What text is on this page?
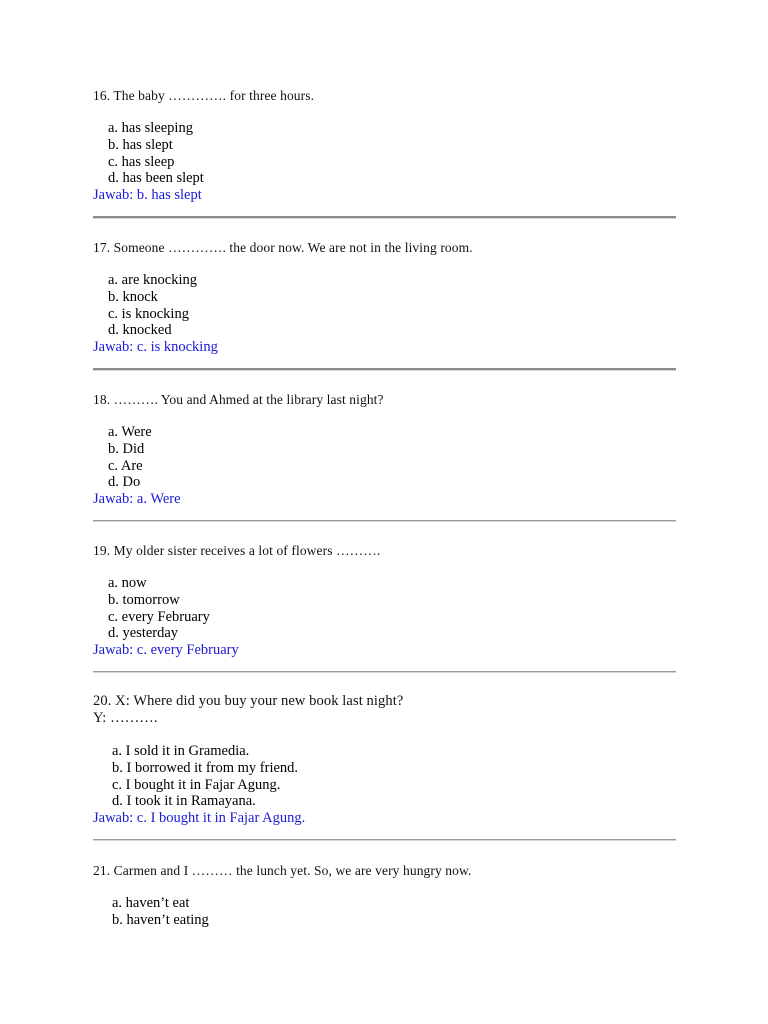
16. The baby …………. for three hours.
a. has sleeping
b. has slept
c. has sleep
d. has been slept
Jawab: b. has slept
17. Someone …………. the door now. We are not in the living room.
a. are knocking
b. knock
c. is knocking
d. knocked
Jawab: c. is knocking
18. ………. You and Ahmed at the library last night?
a. Were
b. Did
c. Are
d. Do
Jawab: a. Were
19. My older sister receives a lot of flowers ……….
a. now
b. tomorrow
c. every February
d. yesterday
Jawab: c. every February
20. X: Where did you buy your new book last night?
Y: ……….
a. I sold it in Gramedia.
b. I borrowed it from my friend.
c. I bought it in Fajar Agung.
d. I took it in Ramayana.
Jawab: c. I bought it in Fajar Agung.
21. Carmen and I ……… the lunch yet. So, we are very hungry now.
a. haven’t eat
b. haven’t eating
